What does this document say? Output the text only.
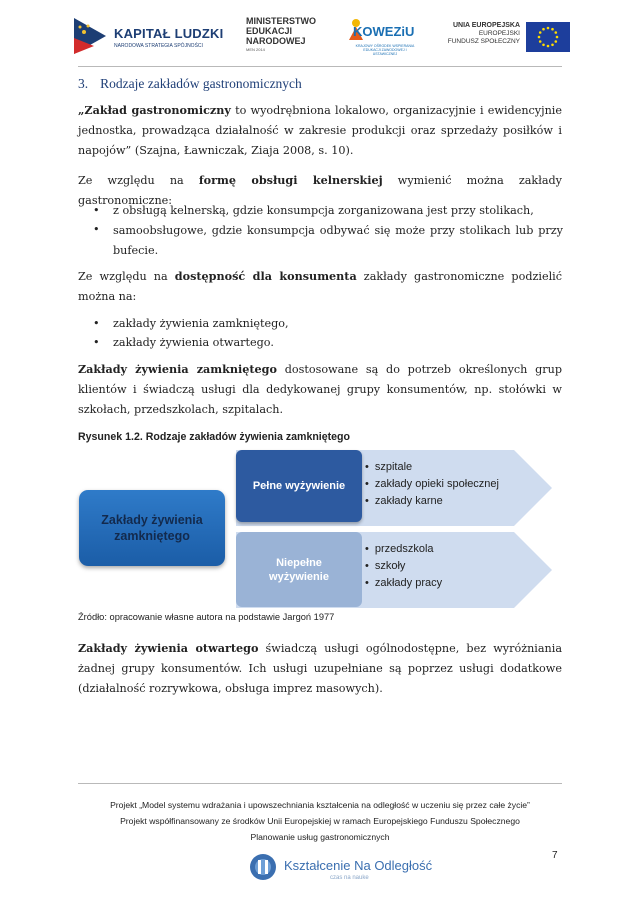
KAPITAŁ LUDZKI
NARODOWA STRATEGIA SPÓJNOŚCI
MINISTERSTWO
EDUKACJI
NARODOWEJ
MEN 2014
KOWEZiU
KRAJOWY OŚRODEK WSPIERANIA
EDUKACJI ZAWODOWEJ I USTAWICZNEJ
UNIA EUROPEJSKA
EUROPEJSKI
FUNDUSZ SPOŁECZNY
3. Rodzaje zakładów gastronomicznych
„Zakład gastronomiczny to wyodrębniona lokalowo, organizacyjnie i ewidencyjnie jednostka, prowadząca działalność w zakresie produkcji oraz sprzedaży posiłków i napojów” (Szajna, Ławniczak, Ziaja 2008, s. 10).
Ze względu na formę obsługi kelnerskiej wymienić można zakłady gastronomiczne:
•	z obsługą kelnerską, gdzie konsumpcja zorganizowana jest przy stolikach,
•	samoobsługowe, gdzie konsumpcja odbywać się może przy stolikach lub przy bufecie.
Ze względu na dostępność dla konsumenta zakłady gastronomiczne podzielić można na:
•	zakłady żywienia zamkniętego,
•	zakłady żywienia otwartego.
Zakłady żywienia zamkniętego dostosowane są do potrzeb określonych grup klientów i świadczą usługi dla dedykowanej grupy konsumentów, np. stołówki w szkołach, przedszkolach, szpitalach.
Rysunek 1.2. Rodzaje zakładów żywienia zamkniętego
Zakłady żywienia
zamkniętego
Pełne wyżywienie
• szpitale
• zakłady opieki społecznej
• zakłady karne
Niepełne
wyżywienie
• przedszkola
• szkoły
• zakłady pracy
Źródło: opracowanie własne autora na podstawie Jargoń 1977
Zakłady żywienia otwartego świadczą usługi ogólnodostępne, bez wyróżniania żadnej grupy konsumentów. Ich usługi uzupełniane są poprzez usługi dodatkowe (działalność rozrywkowa, obsługa imprez masowych).
Projekt „Model systemu wdrażania i upowszechniania kształcenia na odległość w uczeniu się przez całe życie”
Projekt współfinansowany ze środków Unii Europejskiej w ramach Europejskiego Funduszu Społecznego
Planowanie usług gastronomicznych
7
Kształcenie Na Odległość
czas na nauke
